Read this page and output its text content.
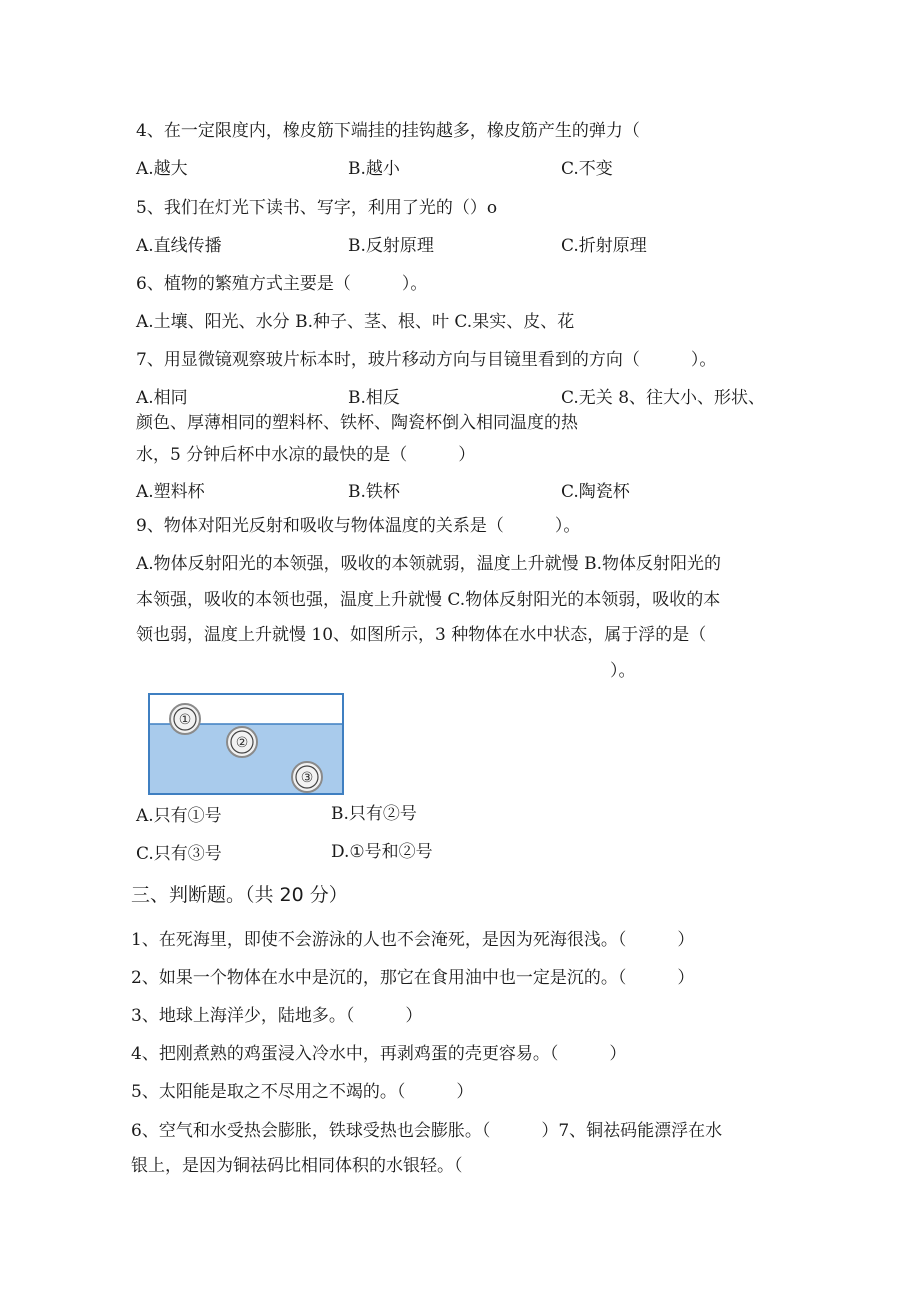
4、在一定限度内，橡皮筋下端挂的挂钩越多，橡皮筋产生的弹力（
A.越大	B.越小	C.不变
5、我们在灯光下读书、写字，利用了光的（）o
A.直线传播	B.反射原理	C.折射原理
6、植物的繁殖方式主要是（　　　）。
A.土壤、阳光、水分 B.种子、茎、根、叶 C.果实、皮、花
7、用显微镜观察玻片标本时，玻片移动方向与目镜里看到的方向（　　　）。
A.相同	B.相反	C.无关 8、往大小、形状、
颜色、厚薄相同的塑料杯、铁杯、陶瓷杯倒入相同温度的热
水，5 分钟后杯中水凉的最快的是（　　　）
A.塑料杯	B.铁杯	C.陶瓷杯
9、物体对阳光反射和吸收与物体温度的关系是（　　　）。
A.物体反射阳光的本领强，吸收的本领就弱，温度上升就慢 B.物体反射阳光的
本领强，吸收的本领也强，温度上升就慢 C.物体反射阳光的本领弱，吸收的本
领也弱，温度上升就慢 10、如图所示，3 种物体在水中状态，属于浮的是（
）。
①
②
③
A.只有①号	B.只有②号
C.只有③号	D.①号和②号
三、判断题。（共 20 分）
1、在死海里，即使不会游泳的人也不会淹死，是因为死海很浅。（　　　）
2、如果一个物体在水中是沉的，那它在食用油中也一定是沉的。（　　　）
3、地球上海洋少，陆地多。（　　　）
4、把刚煮熟的鸡蛋浸入冷水中，再剥鸡蛋的壳更容易。（　　　）
5、太阳能是取之不尽用之不竭的。（　　　）
6、空气和水受热会膨胀，铁球受热也会膨胀。（　　　）7、铜祛码能漂浮在水
银上，是因为铜祛码比相同体积的水银轻。（
